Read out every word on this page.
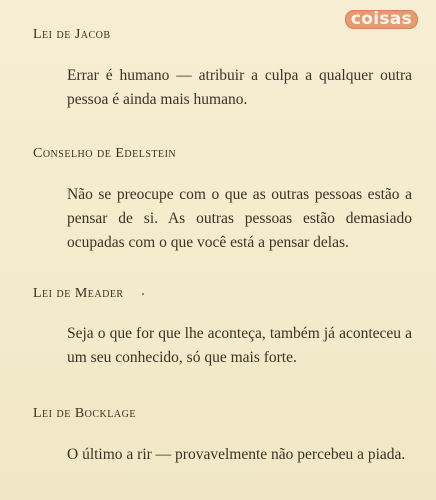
coisas
Lei de Jacob
Errar é humano — atribuir a culpa a qualquer outra pessoa é ainda mais humano.
Conselho de Edelstein
Não se preocupe com o que as outras pessoas estão a pensar de si. As outras pessoas estão demasiado ocupadas com o que você está a pensar delas.
Lei de Meader
Seja o que for que lhe aconteça, também já aconteceu a um seu conhecido, só que mais forte.
Lei de Bocklage
O último a rir — provavelmente não percebeu a piada.
